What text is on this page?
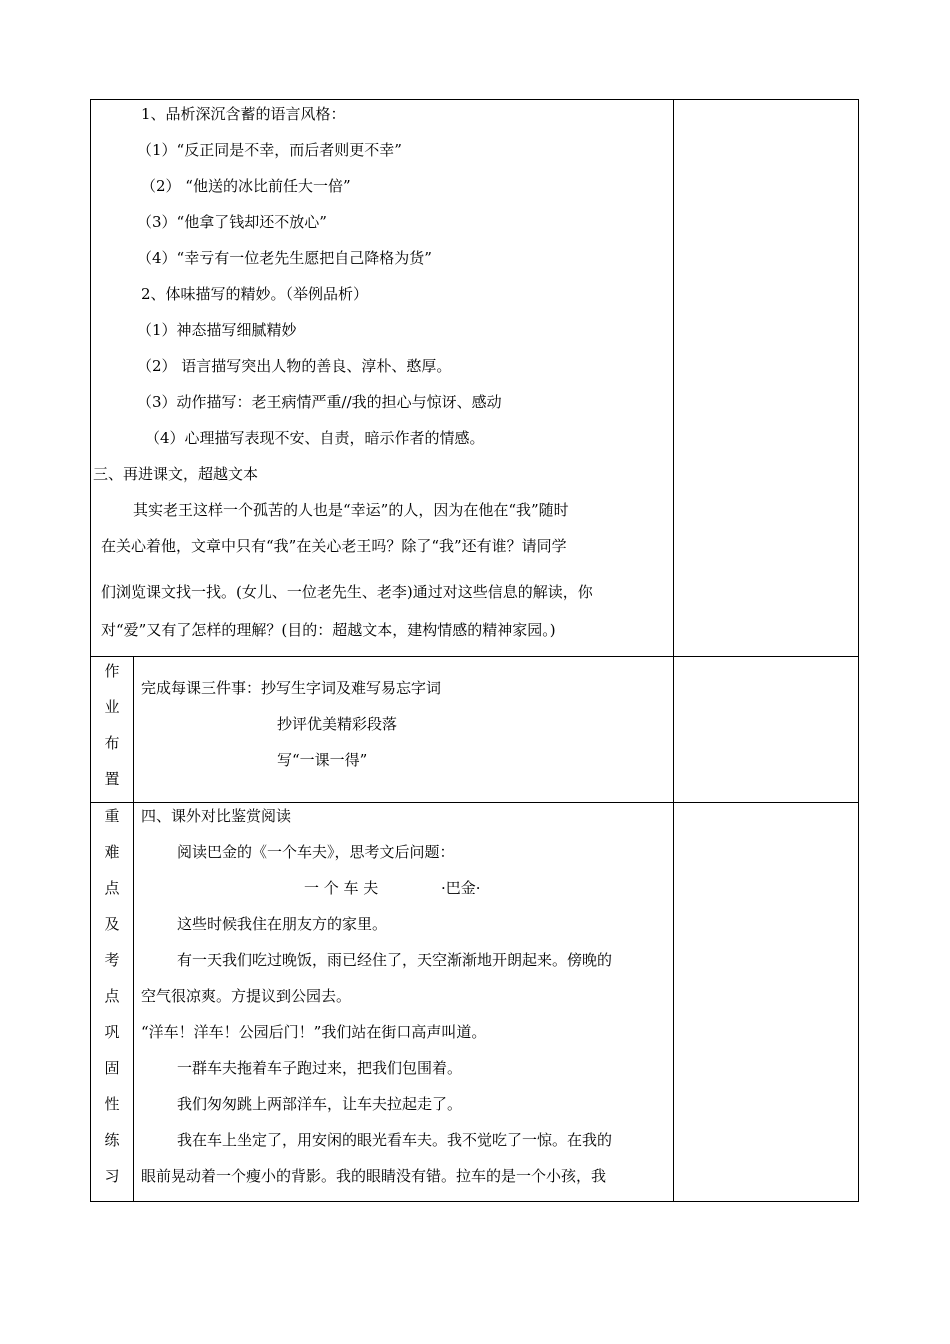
1、品析深沉含蓄的语言风格：
（1）“反正同是不幸，而后者则更不幸”
（2） “他送的冰比前任大一倍”
（3）“他拿了钱却还不放心”
（4）“幸亏有一位老先生愿把自己降格为货”
2、体味描写的精妙。（举例品析）
（1）神态描写细腻精妙
（2） 语言描写突出人物的善良、淳朴、憨厚。
（3）动作描写：老王病情严重//我的担心与惊讶、感动
（4）心理描写表现不安、自责，暗示作者的情感。
三、再进课文，超越文本
其实老王这样一个孤苦的人也是“幸运”的人，因为在他在“我”随时
在关心着他，文章中只有“我”在关心老王吗？除了“我”还有谁？请同学
们浏览课文找一找。(女儿、一位老先生、老李)通过对这些信息的解读，你
对“爱”又有了怎样的理解？(目的：超越文本，建构情感的精神家园。)
作
业
布
置
完成每课三件事：抄写生字词及难写易忘字词
抄评优美精彩段落
写“一课一得”
重
难
点
及
考
点
巩
固
性
练
习
四、课外对比鉴赏阅读
阅读巴金的《一个车夫》，思考文后问题：
一 个 车 夫	·巴金·
这些时候我住在朋友方的家里。
有一天我们吃过晚饭，雨已经住了，天空渐渐地开朗起来。傍晚的
空气很凉爽。方提议到公园去。
“洋车！洋车！公园后门！”我们站在街口高声叫道。
一群车夫拖着车子跑过来，把我们包围着。
我们匆匆跳上两部洋车，让车夫拉起走了。
我在车上坐定了，用安闲的眼光看车夫。我不觉吃了一惊。在我的
眼前晃动着一个瘦小的背影。我的眼睛没有错。拉车的是一个小孩，我
